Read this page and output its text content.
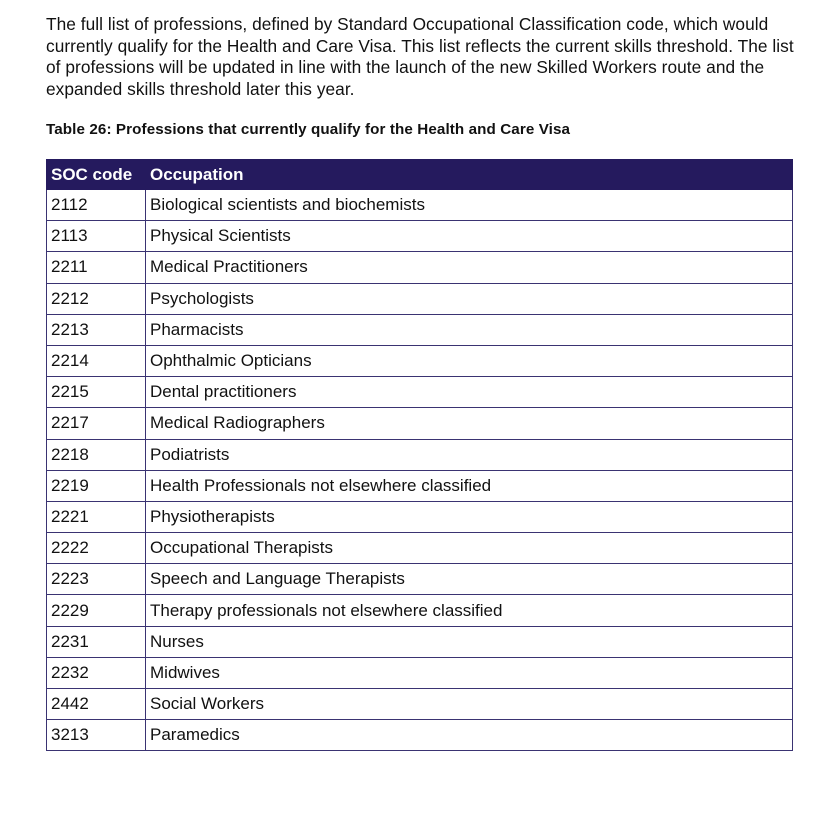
The full list of professions, defined by Standard Occupational Classification code, which would currently qualify for the Health and Care Visa. This list reflects the current skills threshold. The list of professions will be updated in line with the launch of the new Skilled Workers route and the expanded skills threshold later this year.

Table 26: Professions that currently qualify for the Health and Care Visa

SOC code	Occupation
2112	Biological scientists and biochemists
2113	Physical Scientists
2211	Medical Practitioners
2212	Psychologists
2213	Pharmacists
2214	Ophthalmic Opticians
2215	Dental practitioners
2217	Medical Radiographers
2218	Podiatrists
2219	Health Professionals not elsewhere classified
2221	Physiotherapists
2222	Occupational Therapists
2223	Speech and Language Therapists
2229	Therapy professionals not elsewhere classified
2231	Nurses
2232	Midwives
2442	Social Workers
3213	Paramedics
